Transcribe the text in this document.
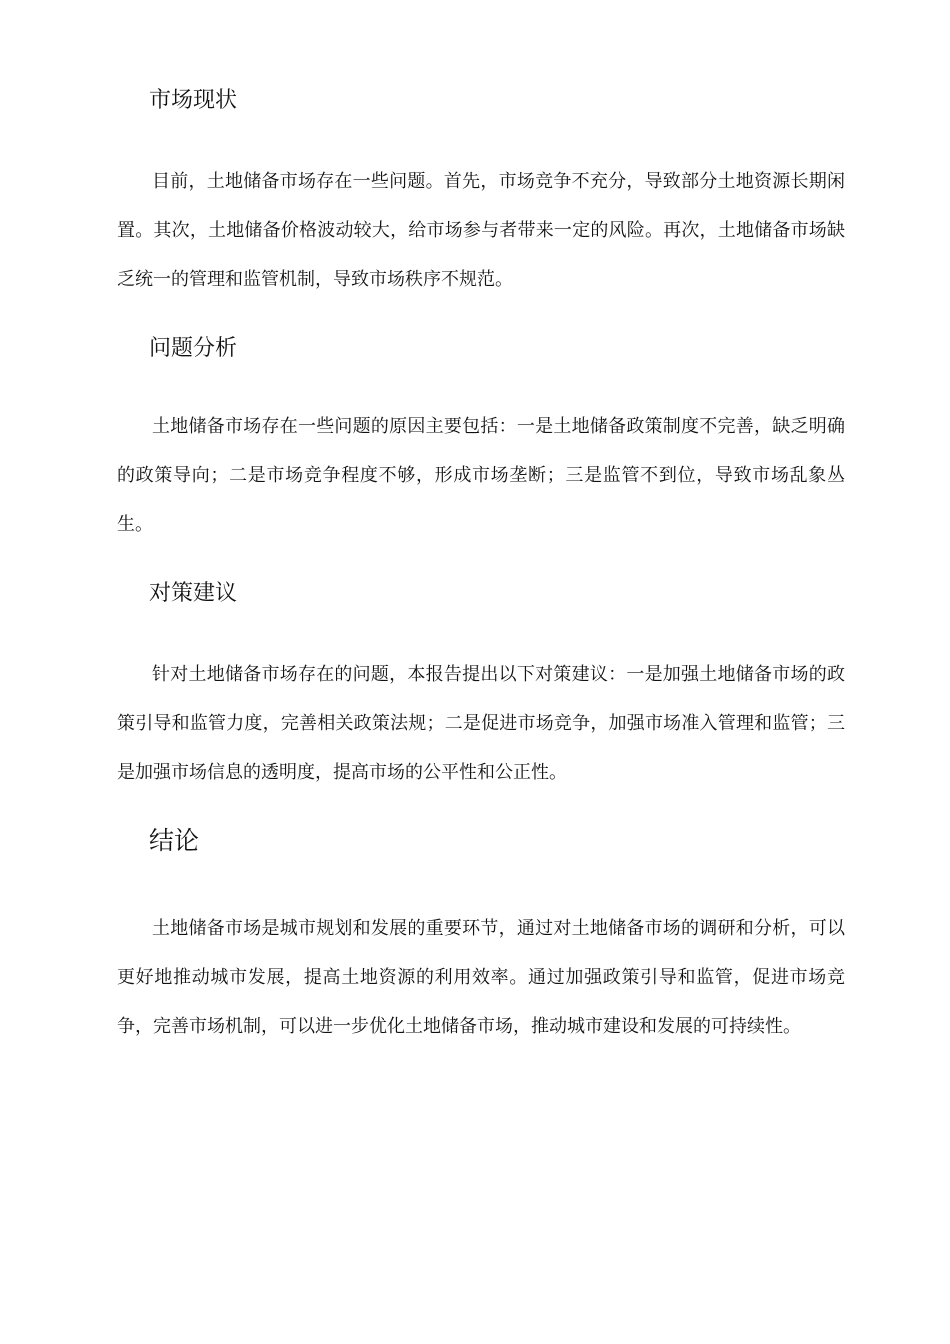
市场现状

目前，土地储备市场存在一些问题。首先，市场竞争不充分，导致部分土地资源长期闲置。其次，土地储备价格波动较大，给市场参与者带来一定的风险。再次，土地储备市场缺乏统一的管理和监管机制，导致市场秩序不规范。

问题分析

土地储备市场存在一些问题的原因主要包括：一是土地储备政策制度不完善，缺乏明确的政策导向；二是市场竞争程度不够，形成市场垄断；三是监管不到位，导致市场乱象丛生。

对策建议

针对土地储备市场存在的问题，本报告提出以下对策建议：一是加强土地储备市场的政策引导和监管力度，完善相关政策法规；二是促进市场竞争，加强市场准入管理和监管；三是加强市场信息的透明度，提高市场的公平性和公正性。

结论

土地储备市场是城市规划和发展的重要环节，通过对土地储备市场的调研和分析，可以更好地推动城市发展，提高土地资源的利用效率。通过加强政策引导和监管，促进市场竞争，完善市场机制，可以进一步优化土地储备市场，推动城市建设和发展的可持续性。
